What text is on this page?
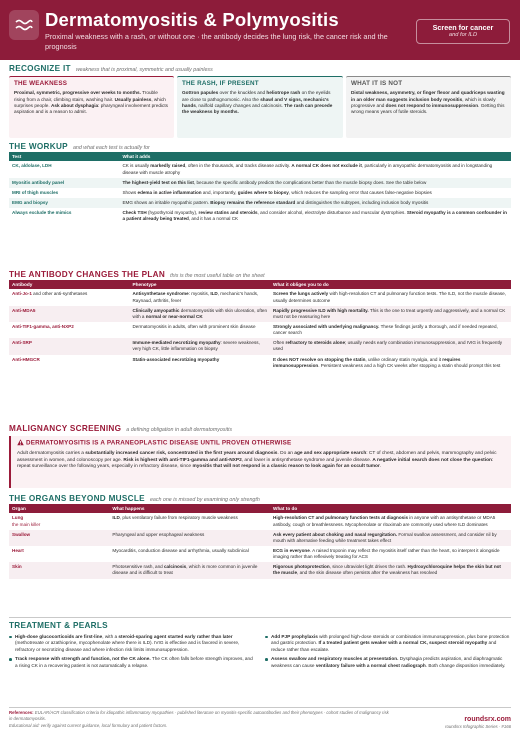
Dermatomyositis & Polymyositis
Proximal weakness with a rash, or without one · the antibody decides the lung risk, the cancer risk and the prognosis
Screen for cancer
and for ILD
RECOGNIZE IT weakness that is proximal, symmetric and usually painless
THE WEAKNESS
Proximal, symmetric, progressive over weeks to months. Trouble rising from a chair, climbing stairs, washing hair. Usually painless, which surprises people. Ask about dysphagia: pharyngeal involvement predicts aspiration and is a reason to admit.
THE RASH, IF PRESENT
Gottron papules over the knuckles and heliotrope rash on the eyelids are close to pathognomonic. Also the shawl and V signs, mechanic's hands, nailfold capillary changes and calcinosis. The rash can precede the weakness by months.
WHAT IT IS NOT
Distal weakness, asymmetry, or finger flexor and quadriceps wasting in an older man suggests inclusion body myositis, which is slowly progressive and does not respond to immunosuppression. Getting this wrong means years of futile steroids.
THE WORKUP and what each test is actually for
Test	What it adds
CK, aldolase, LDH	CK is usually markedly raised, often in the thousands, and tracks disease activity. A normal CK does not exclude it, particularly in amyopathic dermatomyositis and in longstanding disease with muscle atrophy
Myositis antibody panel	The highest-yield test on this list, because the specific antibody predicts the complications better than the muscle biopsy does. See the table below
MRI of thigh muscles	Shows edema in active inflammation and, importantly, guides where to biopsy, which reduces the sampling error that causes false-negative biopsies
EMG and biopsy	EMG shows an irritable myopathic pattern. Biopsy remains the reference standard and distinguishes the subtypes, including inclusion body myositis
Always exclude the mimics	Check TSH (hypothyroid myopathy), review statins and steroids, and consider alcohol, electrolyte disturbance and muscular dystrophies. Steroid myopathy is a common confounder in a patient already being treated, and it has a normal CK
THE ANTIBODY CHANGES THE PLAN this is the most useful table on the sheet
Antibody	Phenotype	What it obliges you to do
Anti-Jo-1 and other anti-synthetases	Antisynthetase syndrome: myositis, ILD, mechanic's hands, Raynaud, arthritis, fever	Screen the lungs actively with high-resolution CT and pulmonary function tests. The ILD, not the muscle disease, usually determines outcome
Anti-MDA5	Clinically amyopathic dermatomyositis with skin ulceration, often with a normal or near-normal CK	Rapidly progressive ILD with high mortality. This is the one to treat urgently and aggressively, and a normal CK must not be reassuring here
Anti-TIF1-gamma, anti-NXP2	Dermatomyositis in adults, often with prominent skin disease	Strongly associated with underlying malignancy. These findings justify a thorough, and if needed repeated, cancer search
Anti-SRP	Immune-mediated necrotizing myopathy: severe weakness, very high CK, little inflammation on biopsy	Often refractory to steroids alone; usually needs early combination immunosuppression, and IVIG is frequently used
Anti-HMGCR	Statin-associated necrotizing myopathy	It does NOT resolve on stopping the statin, unlike ordinary statin myalgia, and it requires immunosuppression. Persistent weakness and a high CK weeks after stopping a statin should prompt this test
MALIGNANCY SCREENING a defining obligation in adult dermatomyositis
DERMATOMYOSITIS IS A PARANEOPLASTIC DISEASE UNTIL PROVEN OTHERWISE
Adult dermatomyositis carries a substantially increased cancer risk, concentrated in the first years around diagnosis. Do an age and sex appropriate search: CT of chest, abdomen and pelvis, mammography and pelvic assessment in women, and colonoscopy per age. Risk is highest with anti-TIF1-gamma and anti-NXP2, and lower in antisynthetase syndrome and juvenile disease. A negative initial search does not close the question: repeat surveillance over the following years, especially in refractory disease, since myositis that will not respond is a classic reason to look again for an occult tumor.
THE ORGANS BEYOND MUSCLE each one is missed by examining only strength
Organ	What happens	What to do
Lung
the main killer	ILD, plus ventilatory failure from respiratory muscle weakness	High-resolution CT and pulmonary function tests at diagnosis in anyone with an antisynthetase or MDA5 antibody, cough or breathlessness. Mycophenolate or rituximab are commonly used where ILD dominates
Swallow	Pharyngeal and upper esophageal weakness	Ask every patient about choking and nasal regurgitation. Formal swallow assessment, and consider nil by mouth with alternative feeding while treatment takes effect
Heart	Myocarditis, conduction disease and arrhythmia, usually subclinical	ECG in everyone. A raised troponin may reflect the myositis itself rather than the heart, so interpret it alongside imaging rather than reflexively treating for ACS
Skin	Photosensitive rash, and calcinosis, which is more common in juvenile disease and is difficult to treat	Rigorous photoprotection, since ultraviolet light drives the rash. Hydroxychloroquine helps the skin but not the muscle, and the skin disease often persists after the weakness has resolved
TREATMENT & PEARLS
High-dose glucocorticoids are first-line, with a steroid-sparing agent started early rather than later (methotrexate or azathioprine, mycophenolate where there is ILD). IVIG is effective and is favored in severe, refractory or necrotizing disease and where infection risk limits immunosuppression.
Track response with strength and function, not the CK alone. The CK often falls before strength improves, and a rising CK in a recovering patient is not automatically a relapse.
Add PJP prophylaxis with prolonged high-dose steroids or combination immunosuppression, plus bone protection and gastric protection. If a treated patient gets weaker with a normal CK, suspect steroid myopathy and reduce rather than escalate.
Assess swallow and respiratory muscles at presentation. Dysphagia predicts aspiration, and diaphragmatic weakness can cause ventilatory failure with a normal chest radiograph. Both change disposition immediately.
References: EULAR/ACR classification criteria for idiopathic inflammatory myopathies · published literature on myositis-specific autoantibodies and their phenotypes · cohort studies of malignancy risk in dermatomyositis.
Educational aid: verify against current guidance, local formulary and patient factors.
roundsrx.com
roundsrx Infographic Series · #166
